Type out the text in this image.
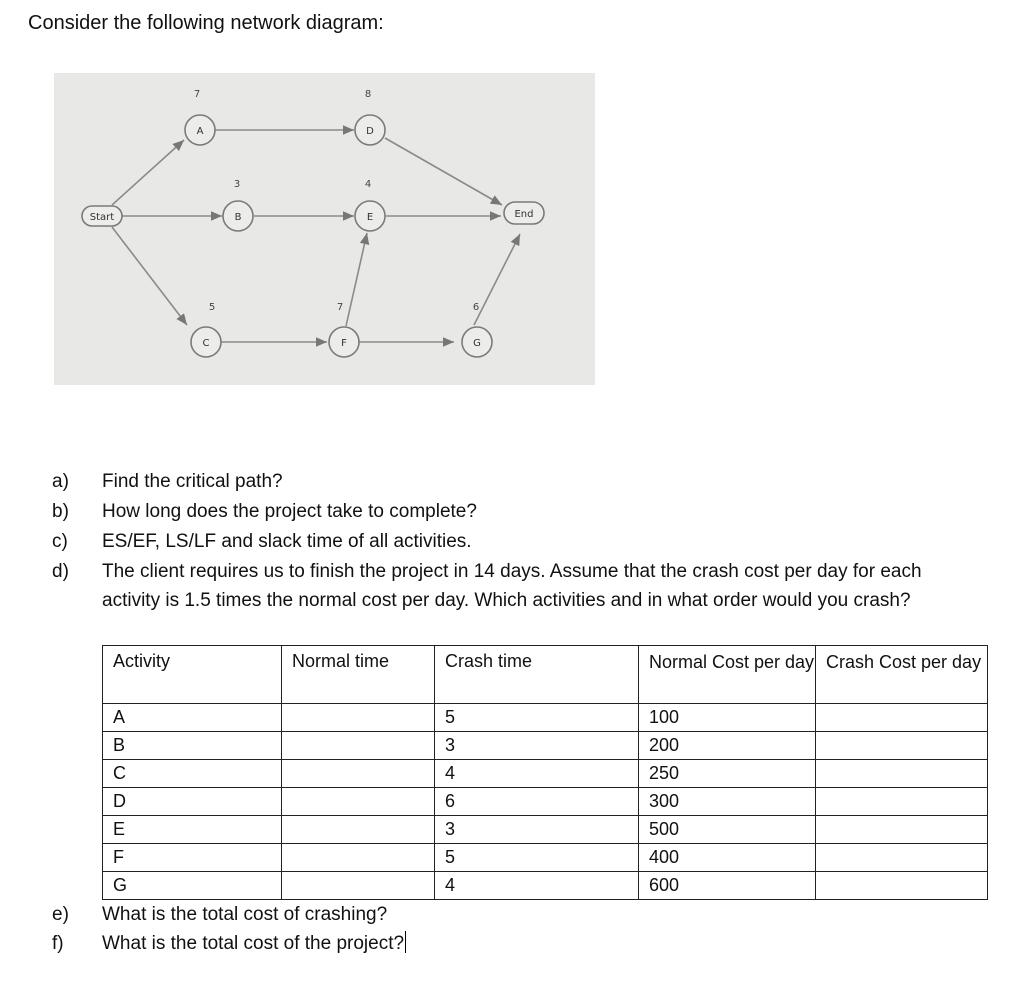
Consider the following network diagram:
Start
A
B
C
D
E
F	G
End
7
3
5
8
4
7	6
a) Find the critical path?
b) How long does the project take to complete?
c) ES/EF, LS/LF and slack time of all activities.
d) The client requires us to finish the project in 14 days. Assume that the crash cost per day for each activity is 1.5 times the normal cost per day. Which activities and in what order would you crash?
Activity	Normal time	Crash time	Normal Cost per day	Crash Cost per day
A		5	100	
B		3	200	
C		4	250	
D		6	300	
E		3	500	
F		5	400	
G		4	600	
e) What is the total cost of crashing?
f) What is the total cost of the project?
